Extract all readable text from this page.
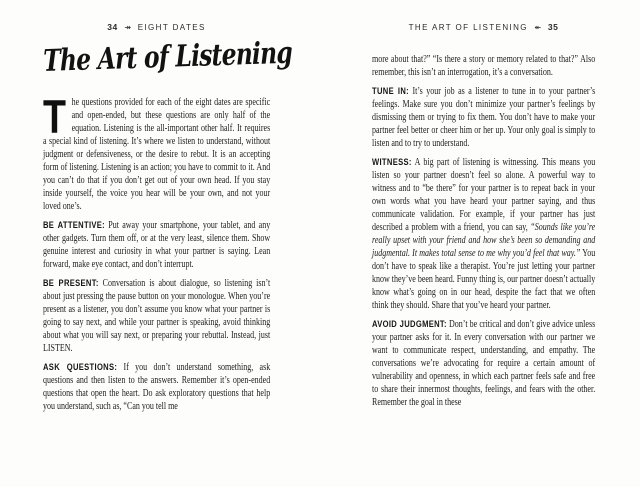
34 ↠ EIGHT DATES
The Art of Listening

The questions provided for each of the eight dates are specific and open-ended, but these questions are only half of the equation. Listening is the all-important other half. It requires a special kind of listening. It’s where we listen to understand, without judgment or defensiveness, or the desire to rebut. It is an accepting form of listening. Listening is an action; you have to commit to it. And you can’t do that if you don’t get out of your own head. If you stay inside yourself, the voice you hear will be your own, and not your loved one’s.

BE ATTENTIVE: Put away your smartphone, your tablet, and any other gadgets. Turn them off, or at the very least, silence them. Show genuine interest and curiosity in what your partner is saying. Lean forward, make eye contact, and don’t interrupt.

BE PRESENT: Conversation is about dialogue, so listening isn’t about just pressing the pause button on your monologue. When you’re present as a listener, you don’t assume you know what your partner is going to say next, and while your partner is speaking, avoid thinking about what you will say next, or preparing your rebuttal. Instead, just LISTEN.

ASK QUESTIONS: If you don’t understand something, ask questions and then listen to the answers. Remember it’s open-ended questions that open the heart. Do ask exploratory questions that help you understand, such as, “Can you tell me

THE ART OF LISTENING ↞ 35

more about that?” “Is there a story or memory related to that?” Also remember, this isn’t an interrogation, it’s a conversation.

TUNE IN: It’s your job as a listener to tune in to your partner’s feelings. Make sure you don’t minimize your partner’s feelings by dismissing them or trying to fix them. You don’t have to make your partner feel better or cheer him or her up. Your only goal is simply to listen and to try to understand.

WITNESS: A big part of listening is witnessing. This means you listen so your partner doesn’t feel so alone. A powerful way to witness and to “be there” for your partner is to repeat back in your own words what you have heard your partner saying, and thus communicate validation. For example, if your partner has just described a problem with a friend, you can say, “Sounds like you’re really upset with your friend and how she’s been so demanding and judgmental. It makes total sense to me why you’d feel that way.” You don’t have to speak like a therapist. You’re just letting your partner know they’ve been heard. Funny thing is, our partner doesn’t actually know what’s going on in our head, despite the fact that we often think they should. Share that you’ve heard your partner.

AVOID JUDGMENT: Don’t be critical and don’t give advice unless your partner asks for it. In every conversation with our partner we want to communicate respect, understanding, and empathy. The conversations we’re advocating for require a certain amount of vulnerability and openness, in which each partner feels safe and free to share their innermost thoughts, feelings, and fears with the other. Remember the goal in these
